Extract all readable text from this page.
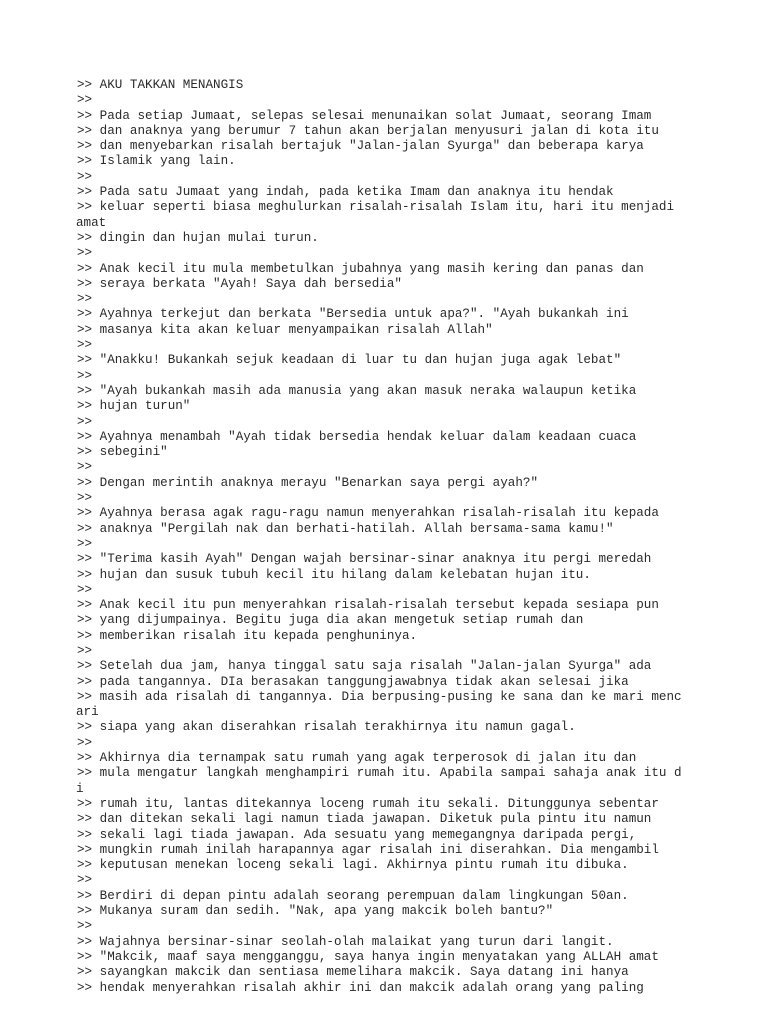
>> AKU TAKKAN MENANGIS
>>
>> Pada setiap Jumaat, selepas selesai menunaikan solat Jumaat, seorang Imam
>> dan anaknya yang berumur 7 tahun akan berjalan menyusuri jalan di kota itu
>> dan menyebarkan risalah bertajuk "Jalan-jalan Syurga" dan beberapa karya
>> Islamik yang lain.
>>
>> Pada satu Jumaat yang indah, pada ketika Imam dan anaknya itu hendak
>> keluar seperti biasa meghulurkan risalah-risalah Islam itu, hari itu menjadi
amat
>> dingin dan hujan mulai turun.
>>
>> Anak kecil itu mula membetulkan jubahnya yang masih kering dan panas dan
>> seraya berkata "Ayah! Saya dah bersedia"
>>
>> Ayahnya terkejut dan berkata "Bersedia untuk apa?". "Ayah bukankah ini
>> masanya kita akan keluar menyampaikan risalah Allah"
>>
>> "Anakku! Bukankah sejuk keadaan di luar tu dan hujan juga agak lebat"
>>
>> "Ayah bukankah masih ada manusia yang akan masuk neraka walaupun ketika
>> hujan turun"
>>
>> Ayahnya menambah "Ayah tidak bersedia hendak keluar dalam keadaan cuaca
>> sebegini"
>>
>> Dengan merintih anaknya merayu "Benarkan saya pergi ayah?"
>>
>> Ayahnya berasa agak ragu-ragu namun menyerahkan risalah-risalah itu kepada
>> anaknya "Pergilah nak dan berhati-hatilah. Allah bersama-sama kamu!"
>>
>> "Terima kasih Ayah" Dengan wajah bersinar-sinar anaknya itu pergi meredah
>> hujan dan susuk tubuh kecil itu hilang dalam kelebatan hujan itu.
>>
>> Anak kecil itu pun menyerahkan risalah-risalah tersebut kepada sesiapa pun
>> yang dijumpainya. Begitu juga dia akan mengetuk setiap rumah dan
>> memberikan risalah itu kepada penghuninya.
>>
>> Setelah dua jam, hanya tinggal satu saja risalah "Jalan-jalan Syurga" ada
>> pada tangannya. DIa berasakan tanggungjawabnya tidak akan selesai jika
>> masih ada risalah di tangannya. Dia berpusing-pusing ke sana dan ke mari menc
ari
>> siapa yang akan diserahkan risalah terakhirnya itu namun gagal.
>>
>> Akhirnya dia ternampak satu rumah yang agak terperosok di jalan itu dan
>> mula mengatur langkah menghampiri rumah itu. Apabila sampai sahaja anak itu d
i
>> rumah itu, lantas ditekannya loceng rumah itu sekali. Ditunggunya sebentar
>> dan ditekan sekali lagi namun tiada jawapan. Diketuk pula pintu itu namun
>> sekali lagi tiada jawapan. Ada sesuatu yang memegangnya daripada pergi,
>> mungkin rumah inilah harapannya agar risalah ini diserahkan. Dia mengambil
>> keputusan menekan loceng sekali lagi. Akhirnya pintu rumah itu dibuka.
>>
>> Berdiri di depan pintu adalah seorang perempuan dalam lingkungan 50an.
>> Mukanya suram dan sedih. "Nak, apa yang makcik boleh bantu?"
>>
>> Wajahnya bersinar-sinar seolah-olah malaikat yang turun dari langit.
>> "Makcik, maaf saya mengganggu, saya hanya ingin menyatakan yang ALLAH amat
>> sayangkan makcik dan sentiasa memelihara makcik. Saya datang ini hanya
>> hendak menyerahkan risalah akhir ini dan makcik adalah orang yang paling
